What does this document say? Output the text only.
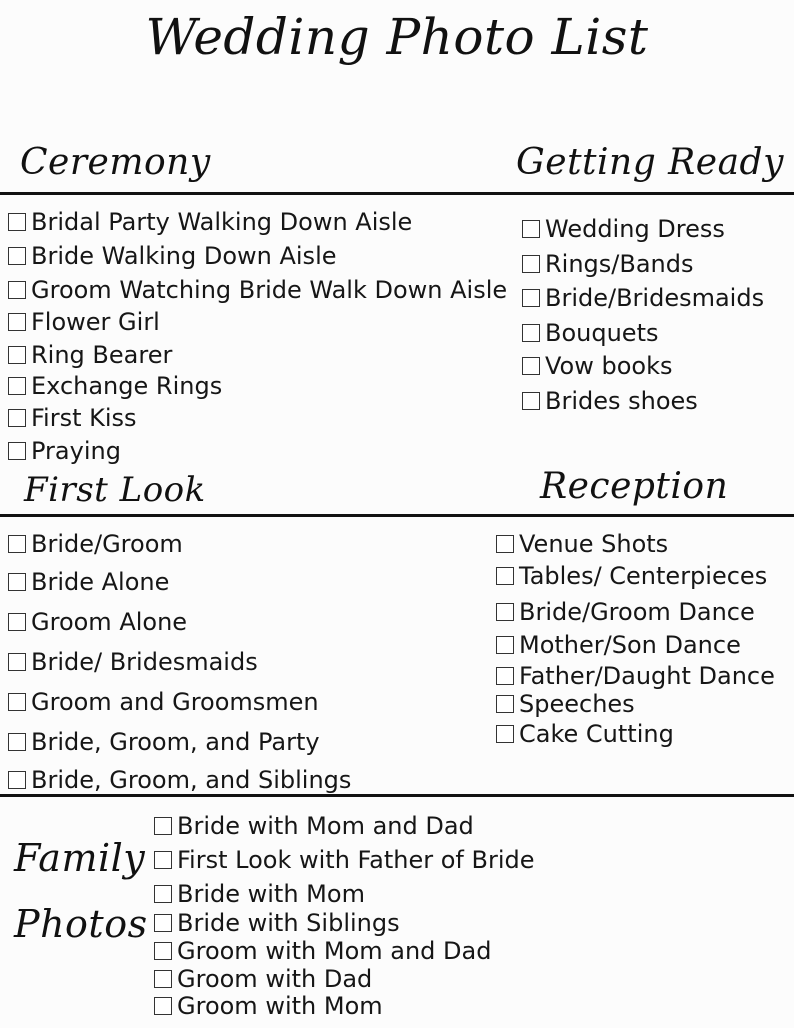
Wedding Photo List
Ceremony	Getting Ready
First Look	Reception
Family
Photos
Bridal Party Walking Down Aisle
Bride Walking Down Aisle
Groom Watching Bride Walk Down Aisle
Flower Girl
Ring Bearer
Exchange Rings
First Kiss
Praying
Wedding Dress
Rings/Bands
Bride/Bridesmaids
Bouquets
Vow books
Brides shoes
Bride/Groom
Bride Alone
Groom Alone
Bride/ Bridesmaids
Groom and Groomsmen
Bride, Groom, and Party
Bride, Groom, and Siblings
Venue Shots
Tables/ Centerpieces
Bride/Groom Dance
Mother/Son Dance
Father/Daught Dance
Speeches
Cake Cutting
Bride with Mom and Dad
First Look with Father of Bride
Bride with Mom
Bride with Siblings
Groom with Mom and Dad
Groom with Dad
Groom with Mom
